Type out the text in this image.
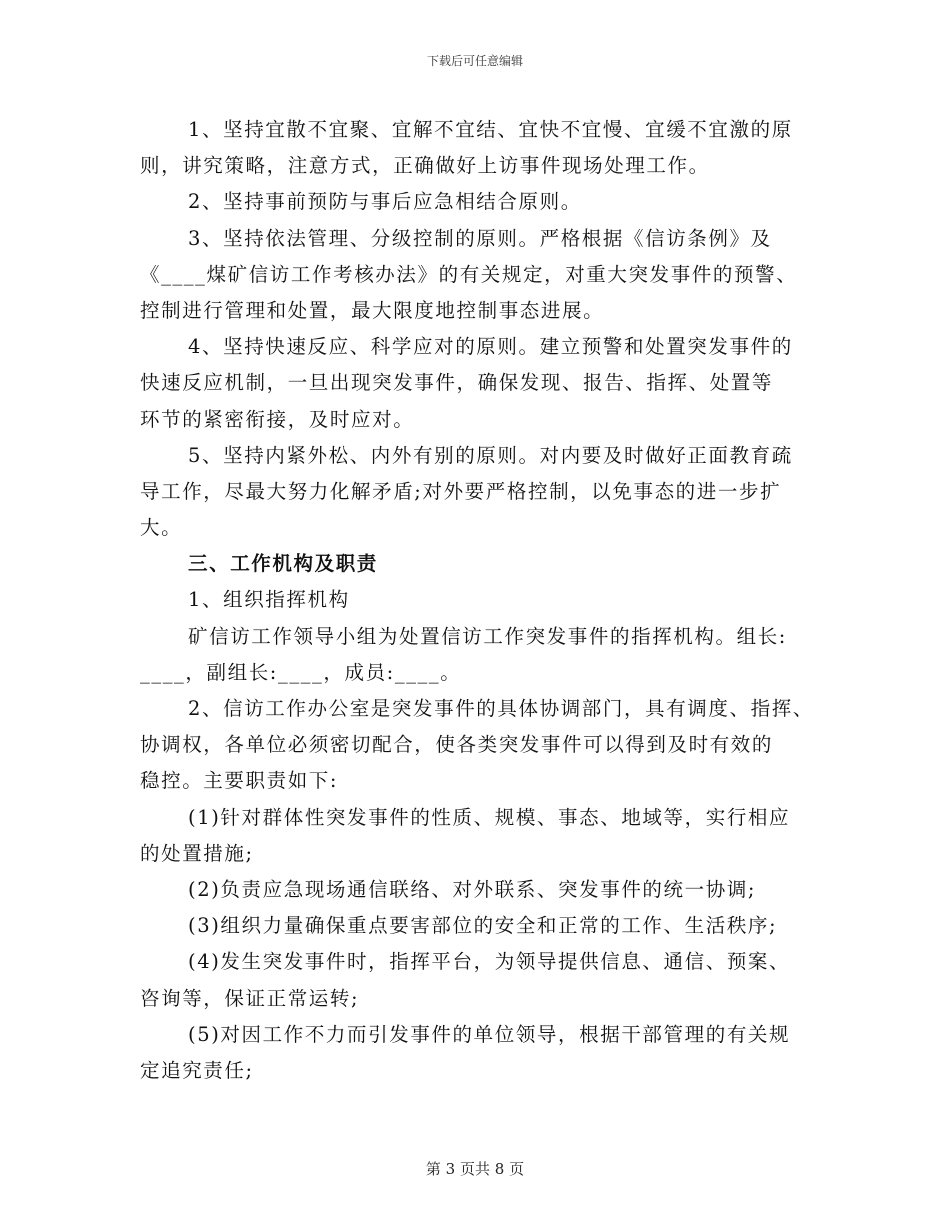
下载后可任意编辑
1、坚持宜散不宜聚、宜解不宜结、宜快不宜慢、宜缓不宜激的原
则，讲究策略，注意方式，正确做好上访事件现场处理工作。
2、坚持事前预防与事后应急相结合原则。
3、坚持依法管理、分级控制的原则。严格根据《信访条例》及
《____煤矿信访工作考核办法》的有关规定，对重大突发事件的预警、
控制进行管理和处置，最大限度地控制事态进展。
4、坚持快速反应、科学应对的原则。建立预警和处置突发事件的
快速反应机制，一旦出现突发事件，确保发现、报告、指挥、处置等
环节的紧密衔接，及时应对。
5、坚持内紧外松、内外有别的原则。对内要及时做好正面教育疏
导工作，尽最大努力化解矛盾;对外要严格控制，以免事态的进一步扩
大。
三、工作机构及职责
1、组织指挥机构
矿信访工作领导小组为处置信访工作突发事件的指挥机构。组长:
____，副组长:____，成员:____。
2、信访工作办公室是突发事件的具体协调部门，具有调度、指挥、
协调权，各单位必须密切配合，使各类突发事件可以得到及时有效的
稳控。主要职责如下:
(1)针对群体性突发事件的性质、规模、事态、地域等，实行相应
的处置措施;
(2)负责应急现场通信联络、对外联系、突发事件的统一协调;
(3)组织力量确保重点要害部位的安全和正常的工作、生活秩序;
(4)发生突发事件时，指挥平台，为领导提供信息、通信、预案、
咨询等，保证正常运转;
(5)对因工作不力而引发事件的单位领导，根据干部管理的有关规
定追究责任;
第 3 页共 8 页
